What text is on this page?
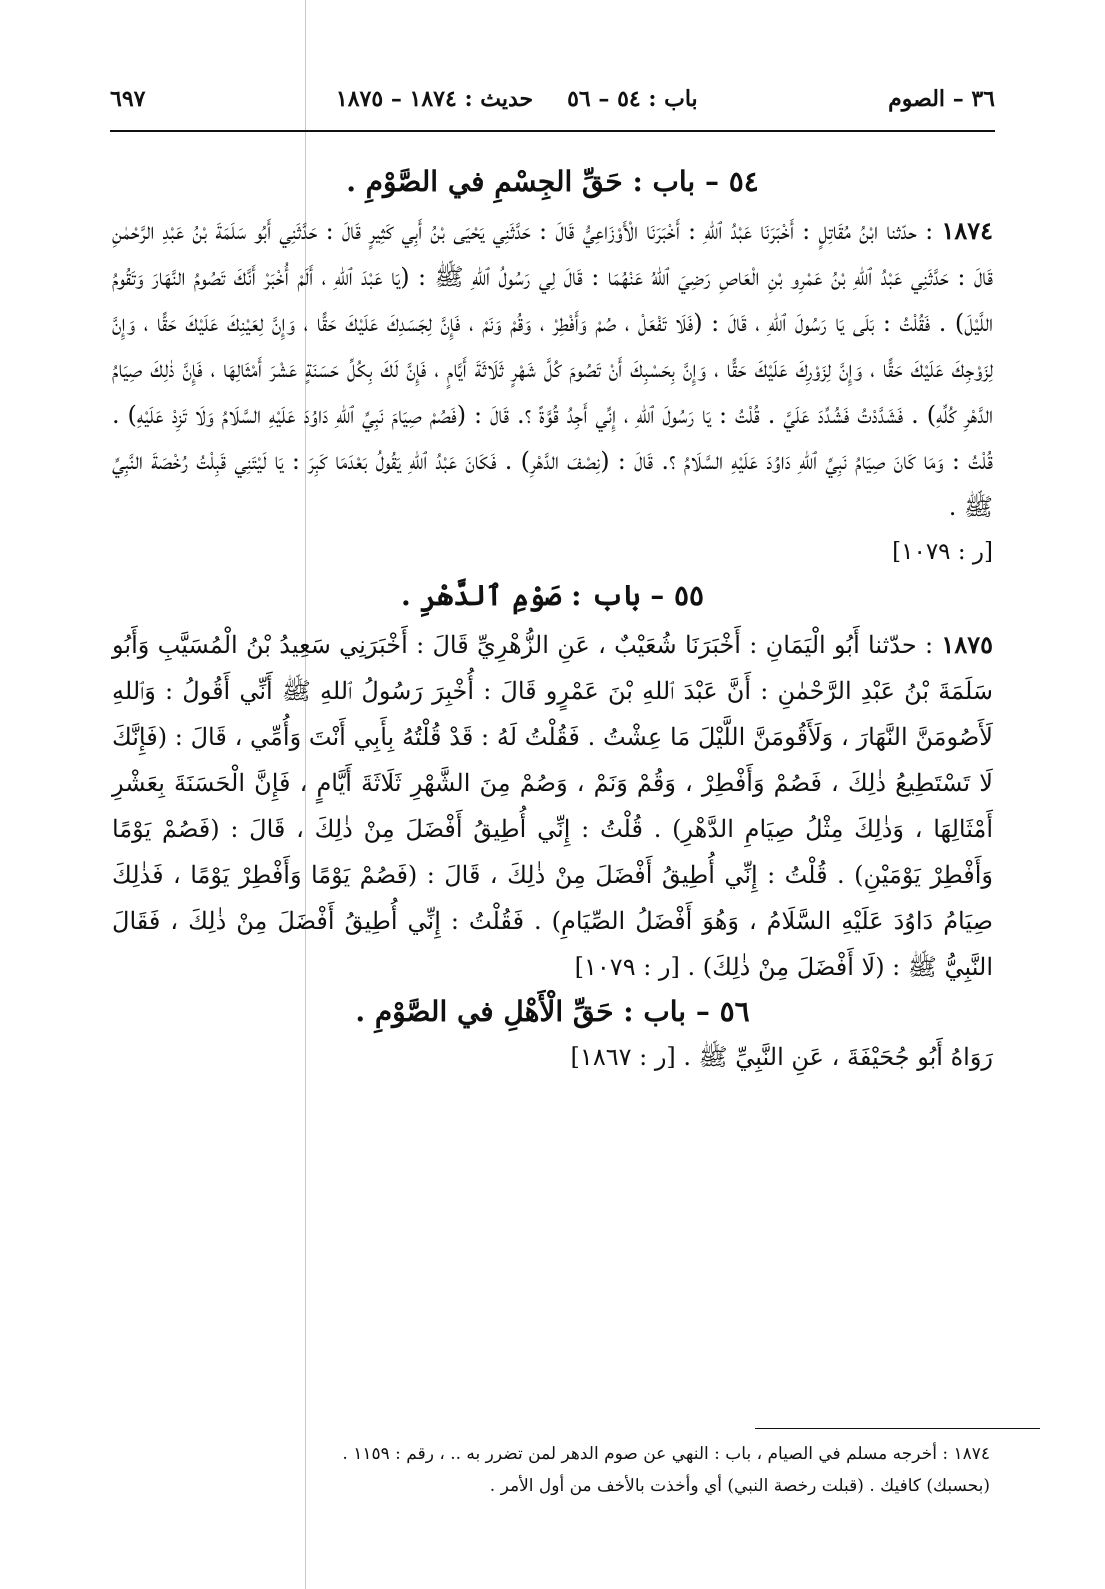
٣٦ – الصوم
باب : ٥٤ – ٥٦
حديث : ١٨٧٤ – ١٨٧٥
٦٩٧
٥٤ – باب : حَقِّ الجِسْمِ في الصَّوْمِ .

١٨٧٤ : حدّثنا ابْنُ مُقَاتِلٍ : أَخْبَرَنَا عَبْدُ ٱللهِ : أَخْبَرَنَا الْأَوْزَاعِيُّ قَالَ : حَدَّثَنِي يَحْيَى بْنُ أَبِي كَثِيرٍ قَالَ : حَدَّثَنِي أَبُو سَلَمَةَ بْنُ عَبْدِ الرَّحْمٰنِ قَالَ : حَدَّثَنِي عَبْدُ ٱللهِ بْنُ عَمْرِو بْنِ الْعَاصِ رَضِيَ ٱللهُ عَنْهُمَا : قَالَ لِي رَسُولُ ٱللهِ ﷺ : (يَا عَبْدَ ٱللهِ ، أَلَمْ أُخْبَرْ أَنَّكَ تَصُومُ النَّهَارَ وَتَقُومُ اللَّيْلَ) . فَقُلْتُ : بَلَى يَا رَسُولَ ٱللهِ ، قَالَ : (فَلَا تَفْعَلْ ، صُمْ وَأَفْطِرْ ، وَقُمْ وَنَمْ ، فَإِنَّ لِجَسَدِكَ عَلَيْكَ حَقًّا ، وَإِنَّ لِعَيْنِكَ عَلَيْكَ حَقًّا ، وَإِنَّ لِزَوْجِكَ عَلَيْكَ حَقًّا ، وَإِنَّ لِزَوْرِكَ عَلَيْكَ حَقًّا ، وَإِنَّ بِحَسْبِكَ أَنْ تَصُومَ كُلَّ شَهْرٍ ثَلَاثَةَ أَيَّامٍ ، فَإِنَّ لَكَ بِكُلِّ حَسَنَةٍ عَشْرَ أَمْثَالِهَا ، فَإِنَّ ذٰلِكَ صِيَامُ الدَّهْرِ كُلِّهِ) . فَشَدَّدْتُ فَشُدِّدَ عَلَيَّ . قُلْتُ : يَا رَسُولَ ٱللهِ ، إِنِّي أَجِدُ قُوَّةً ؟. قَالَ : (فَصُمْ صِيَامَ نَبِيِّ ٱللهِ دَاوُدَ عَلَيْهِ السَّلَامُ وَلَا تَزِدْ عَلَيْهِ) . قُلْتُ : وَمَا كَانَ صِيَامُ نَبِيِّ ٱللهِ دَاوُدَ عَلَيْهِ السَّلَامُ ؟. قَالَ : (نِصْفَ الدَّهْرِ) . فَكَانَ عَبْدُ ٱللهِ يَقُولُ بَعْدَمَا كَبِرَ : يَا لَيْتَنِي قَبِلْتُ رُخْصَةَ النَّبِيِّ ﷺ .

[ر : ١٠٧٩]

٥٥ – باب : صَوْمِ ٱلدَّهْرِ .

١٨٧٥ : حدّثنا أَبُو الْيَمَانِ : أَخْبَرَنَا شُعَيْبٌ ، عَنِ الزُّهْرِيِّ قَالَ : أَخْبَرَنِي سَعِيدُ بْنُ الْمُسَيَّبِ وَأَبُو سَلَمَةَ بْنُ عَبْدِ الرَّحْمٰنِ : أَنَّ عَبْدَ ٱللهِ بْنَ عَمْرٍو قَالَ : أُخْبِرَ رَسُولُ ٱللهِ ﷺ أَنِّي أَقُولُ : وَٱللهِ لَأَصُومَنَّ النَّهَارَ ، وَلَأَقُومَنَّ اللَّيْلَ مَا عِشْتُ . فَقُلْتُ لَهُ : قَدْ قُلْتُهُ بِأَبِي أَنْتَ وَأُمِّي ، قَالَ : (فَإِنَّكَ لَا تَسْتَطِيعُ ذٰلِكَ ، فَصُمْ وَأَفْطِرْ ، وَقُمْ وَنَمْ ، وَصُمْ مِنَ الشَّهْرِ ثَلَاثَةَ أَيَّامٍ ، فَإِنَّ الْحَسَنَةَ بِعَشْرِ أَمْثَالِهَا ، وَذٰلِكَ مِثْلُ صِيَامِ الدَّهْرِ) . قُلْتُ : إِنِّي أُطِيقُ أَفْضَلَ مِنْ ذٰلِكَ ، قَالَ : (فَصُمْ يَوْمًا وَأَفْطِرْ يَوْمَيْنِ) . قُلْتُ : إِنِّي أُطِيقُ أَفْضَلَ مِنْ ذٰلِكَ ، قَالَ : (فَصُمْ يَوْمًا وَأَفْطِرْ يَوْمًا ، فَذٰلِكَ صِيَامُ دَاوُدَ عَلَيْهِ السَّلَامُ ، وَهُوَ أَفْضَلُ الصِّيَامِ) . فَقُلْتُ : إِنِّي أُطِيقُ أَفْضَلَ مِنْ ذٰلِكَ ، فَقَالَ النَّبِيُّ ﷺ : (لَا أَفْضَلَ مِنْ ذٰلِكَ) . [ر : ١٠٧٩]

٥٦ – باب : حَقِّ الْأَهْلِ في الصَّوْمِ .

رَوَاهُ أَبُو جُحَيْفَةَ ، عَنِ النَّبِيِّ ﷺ . [ر : ١٨٦٧]

١٨٧٤ : أخرجه مسلم في الصيام ، باب : النهي عن صوم الدهر لمن تضرر به .. ، رقم : ١١٥٩ .

(بحسبك) كافيك . (قبلت رخصة النبي) أي وأخذت بالأخف من أول الأمر .
